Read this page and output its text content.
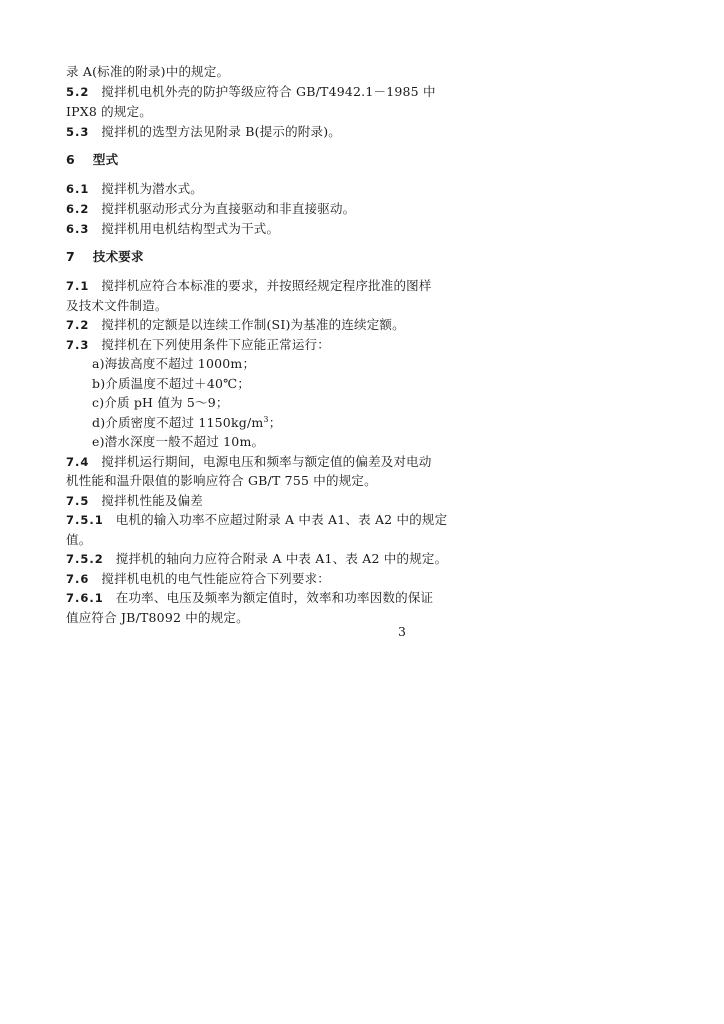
录 A(标准的附录)中的规定。
5.2 搅拌机电机外壳的防护等级应符合 GB/T4942.1－1985 中
IPX8 的规定。
5.3 搅拌机的选型方法见附录 B(提示的附录)。
6 型式
6.1 搅拌机为潜水式。
6.2 搅拌机驱动形式分为直接驱动和非直接驱动。
6.3 搅拌机用电机结构型式为干式。
7 技术要求
7.1 搅拌机应符合本标准的要求，并按照经规定程序批准的图样
及技术文件制造。
7.2 搅拌机的定额是以连续工作制(SI)为基准的连续定额。
7.3 搅拌机在下列使用条件下应能正常运行：
a)海拔高度不超过 1000m；
b)介质温度不超过＋40℃；
c)介质 pH 值为 5～9；
d)介质密度不超过 $1150kg/m^3$；
e)潜水深度一般不超过 10m。
7.4 搅拌机运行期间，电源电压和频率与额定值的偏差及对电动
机性能和温升限值的影响应符合 GB/T 755 中的规定。
7.5 搅拌机性能及偏差
7.5.1 电机的输入功率不应超过附录 A 中表 A1、表 A2 中的规定
值。
7.5.2 搅拌机的轴向力应符合附录 A 中表 A1、表 A2 中的规定。
7.6 搅拌机电机的电气性能应符合下列要求：
7.6.1 在功率、电压及频率为额定值时，效率和功率因数的保证
值应符合 JB/T8092 中的规定。
3
